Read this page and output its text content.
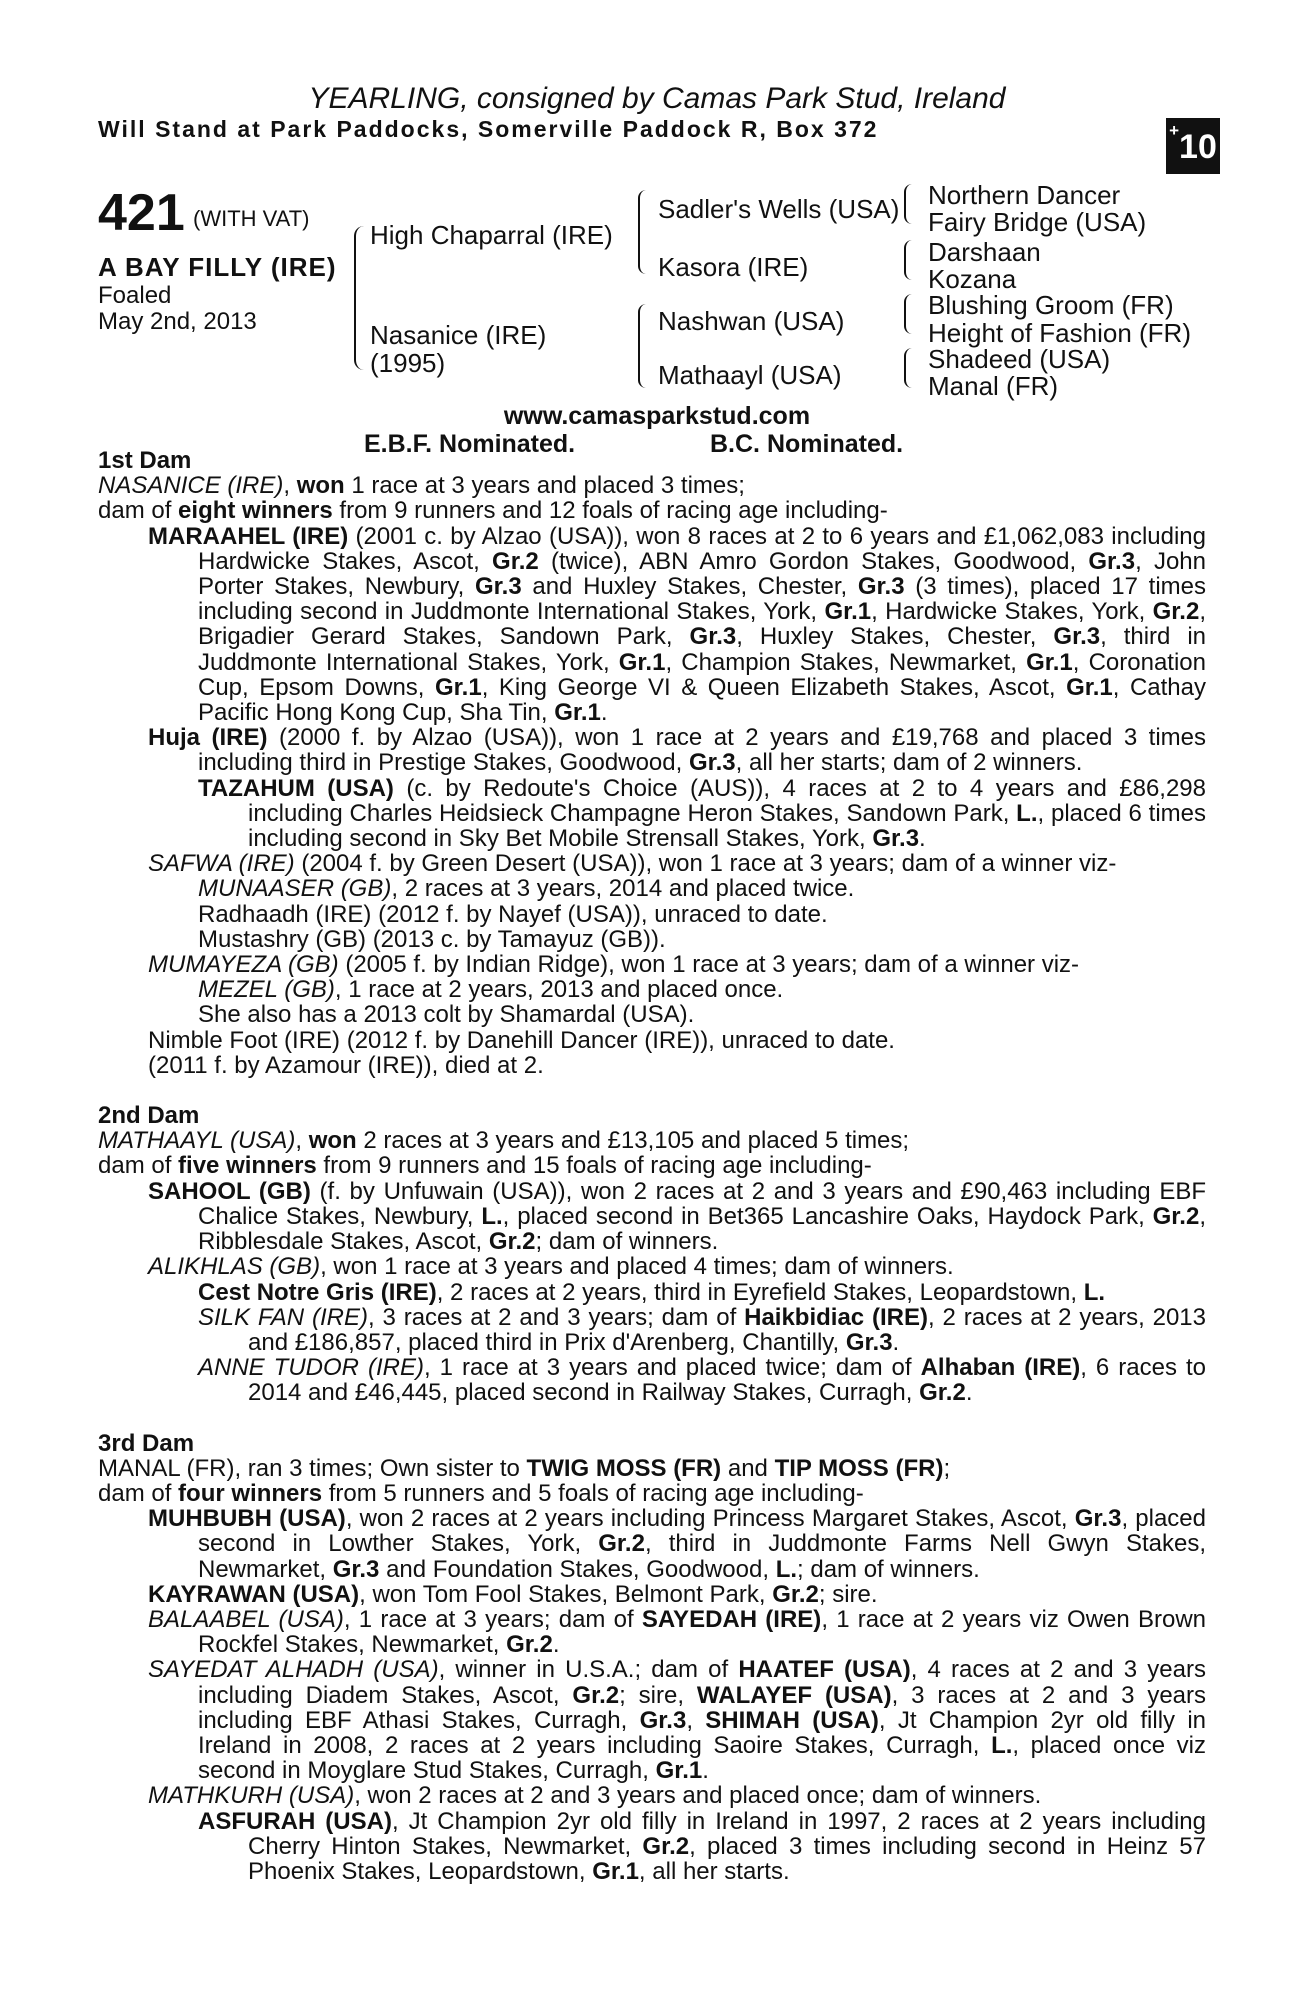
YEARLING, consigned by Camas Park Stud, Ireland
Will Stand at Park Paddocks, Somerville Paddock R, Box 372	+10
421 (WITH VAT)
A BAY FILLY (IRE)
Foaled
May 2nd, 2013
High Chaparral (IRE)
Nasanice (IRE)
(1995)
Sadler's Wells (USA)
Kasora (IRE)
Nashwan (USA)
Mathaayl (USA)
Northern Dancer
Fairy Bridge (USA)
Darshaan
Kozana
Blushing Groom (FR)
Height of Fashion (FR)
Shadeed (USA)
Manal (FR)
www.camasparkstud.com
E.B.F. Nominated.	B.C. Nominated.

1st Dam

NASANICE (IRE), won 1 race at 3 years and placed 3 times;

dam of eight winners from 9 runners and 12 foals of racing age including-

MARAAHEL (IRE) (2001 c. by Alzao (USA)), won 8 races at 2 to 6 years and £1,062,083 including Hardwicke Stakes, Ascot, Gr.2 (twice), ABN Amro Gordon Stakes, Goodwood, Gr.3, John Porter Stakes, Newbury, Gr.3 and Huxley Stakes, Chester, Gr.3 (3 times), placed 17 times including second in Juddmonte International Stakes, York, Gr.1, Hardwicke Stakes, York, Gr.2, Brigadier Gerard Stakes, Sandown Park, Gr.3, Huxley Stakes, Chester, Gr.3, third in Juddmonte International Stakes, York, Gr.1, Champion Stakes, Newmarket, Gr.1, Coronation Cup, Epsom Downs, Gr.1, King George VI & Queen Elizabeth Stakes, Ascot, Gr.1, Cathay Pacific Hong Kong Cup, Sha Tin, Gr.1.

Huja (IRE) (2000 f. by Alzao (USA)), won 1 race at 2 years and £19,768 and placed 3 times including third in Prestige Stakes, Goodwood, Gr.3, all her starts; dam of 2 winners.

TAZAHUM (USA) (c. by Redoute's Choice (AUS)), 4 races at 2 to 4 years and £86,298 including Charles Heidsieck Champagne Heron Stakes, Sandown Park, L., placed 6 times including second in Sky Bet Mobile Strensall Stakes, York, Gr.3.

SAFWA (IRE) (2004 f. by Green Desert (USA)), won 1 race at 3 years; dam of a winner viz-

MUNAASER (GB), 2 races at 3 years, 2014 and placed twice.

Radhaadh (IRE) (2012 f. by Nayef (USA)), unraced to date.

Mustashry (GB) (2013 c. by Tamayuz (GB)).

MUMAYEZA (GB) (2005 f. by Indian Ridge), won 1 race at 3 years; dam of a winner viz-

MEZEL (GB), 1 race at 2 years, 2013 and placed once.

She also has a 2013 colt by Shamardal (USA).

Nimble Foot (IRE) (2012 f. by Danehill Dancer (IRE)), unraced to date.

(2011 f. by Azamour (IRE)), died at 2.

2nd Dam

MATHAAYL (USA), won 2 races at 3 years and £13,105 and placed 5 times;

dam of five winners from 9 runners and 15 foals of racing age including-

SAHOOL (GB) (f. by Unfuwain (USA)), won 2 races at 2 and 3 years and £90,463 including EBF Chalice Stakes, Newbury, L., placed second in Bet365 Lancashire Oaks, Haydock Park, Gr.2, Ribblesdale Stakes, Ascot, Gr.2; dam of winners.

ALIKHLAS (GB), won 1 race at 3 years and placed 4 times; dam of winners.

Cest Notre Gris (IRE), 2 races at 2 years, third in Eyrefield Stakes, Leopardstown, L.

SILK FAN (IRE), 3 races at 2 and 3 years; dam of Haikbidiac (IRE), 2 races at 2 years, 2013 and £186,857, placed third in Prix d'Arenberg, Chantilly, Gr.3.

ANNE TUDOR (IRE), 1 race at 3 years and placed twice; dam of Alhaban (IRE), 6 races to 2014 and £46,445, placed second in Railway Stakes, Curragh, Gr.2.

3rd Dam

MANAL (FR), ran 3 times; Own sister to TWIG MOSS (FR) and TIP MOSS (FR);

dam of four winners from 5 runners and 5 foals of racing age including-

MUHBUBH (USA), won 2 races at 2 years including Princess Margaret Stakes, Ascot, Gr.3, placed second in Lowther Stakes, York, Gr.2, third in Juddmonte Farms Nell Gwyn Stakes, Newmarket, Gr.3 and Foundation Stakes, Goodwood, L.; dam of winners.

KAYRAWAN (USA), won Tom Fool Stakes, Belmont Park, Gr.2; sire.

BALAABEL (USA), 1 race at 3 years; dam of SAYEDAH (IRE), 1 race at 2 years viz Owen Brown Rockfel Stakes, Newmarket, Gr.2.

SAYEDAT ALHADH (USA), winner in U.S.A.; dam of HAATEF (USA), 4 races at 2 and 3 years including Diadem Stakes, Ascot, Gr.2; sire, WALAYEF (USA), 3 races at 2 and 3 years including EBF Athasi Stakes, Curragh, Gr.3, SHIMAH (USA), Jt Champion 2yr old filly in Ireland in 2008, 2 races at 2 years including Saoire Stakes, Curragh, L., placed once viz second in Moyglare Stud Stakes, Curragh, Gr.1.

MATHKURH (USA), won 2 races at 2 and 3 years and placed once; dam of winners.

ASFURAH (USA), Jt Champion 2yr old filly in Ireland in 1997, 2 races at 2 years including Cherry Hinton Stakes, Newmarket, Gr.2, placed 3 times including second in Heinz 57 Phoenix Stakes, Leopardstown, Gr.1, all her starts.
